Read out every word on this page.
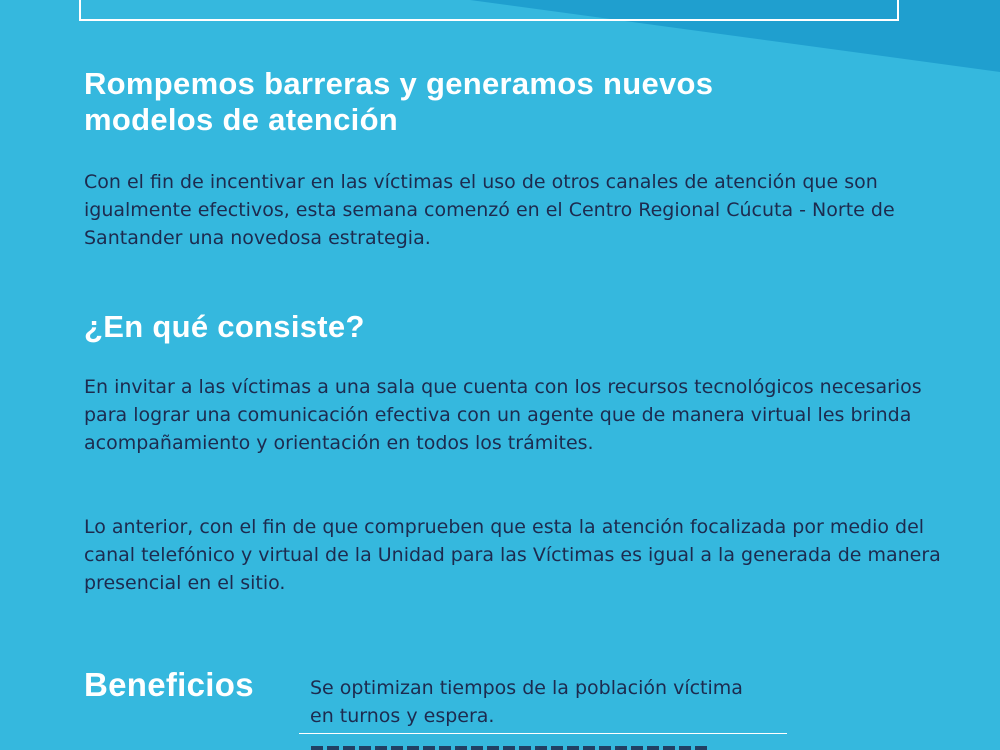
Rompemos barreras y generamos nuevos modelos de atención

Con el fin de incentivar en las víctimas el uso de otros canales de atención que son igualmente efectivos, esta semana comenzó en el Centro Regional Cúcuta - Norte de Santander una novedosa estrategia.

¿En qué consiste?

En invitar a las víctimas a una sala que cuenta con los recursos tecnológicos necesarios para lograr una comunicación efectiva con un agente que de manera virtual les brinda acompañamiento y orientación en todos los trámites.

Lo anterior, con el fin de que comprueben que esta la atención focalizada por medio del canal telefónico y virtual de la Unidad para las Víctimas es igual a la generada de manera presencial en el sitio.

Beneficios	Se optimizan tiempos de la población víctima en turnos y espera.
